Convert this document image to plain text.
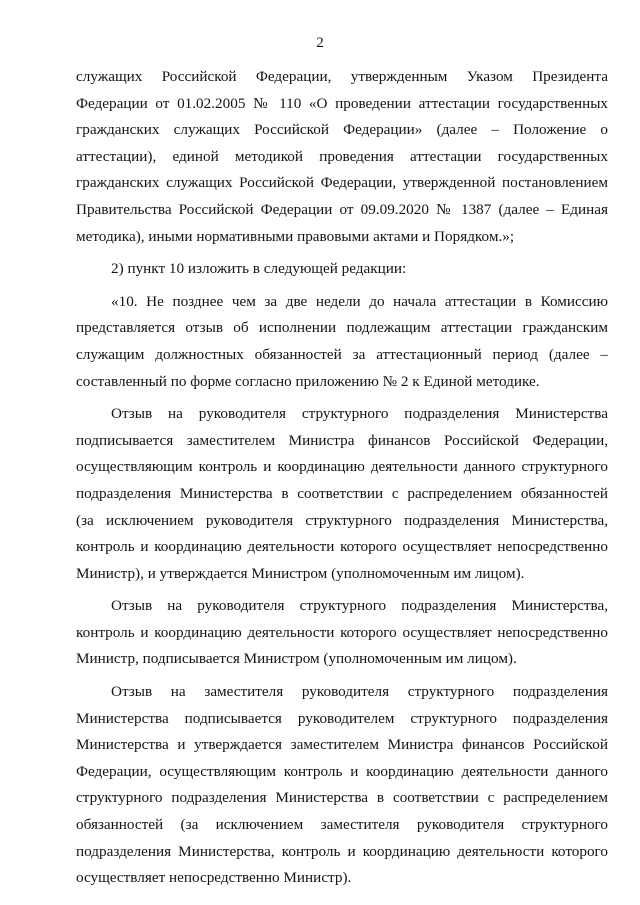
2
служащих Российской Федерации, утвержденным Указом Президента
Федерации от 01.02.2005 № 110 «О проведении аттестации государственных
гражданских служащих Российской Федерации» (далее – Положение о
аттестации), единой методикой проведения аттестации государственных
гражданских служащих Российской Федерации, утвержденной постановлением
Правительства Российской Федерации от 09.09.2020 № 1387 (далее – Единая
методика), иными нормативными правовыми актами и Порядком.»;
2) пункт 10 изложить в следующей редакции:
«10. Не позднее чем за две недели до начала аттестации в Комиссию
представляется отзыв об исполнении подлежащим аттестации гражданским
служащим должностных обязанностей за аттестационный период (далее –
составленный по форме согласно приложению № 2 к Единой методике.
Отзыв на руководителя структурного подразделения Министерства
подписывается заместителем Министра финансов Российской Федерации,
осуществляющим контроль и координацию деятельности данного структурного
подразделения Министерства в соответствии с распределением обязанностей
(за исключением руководителя структурного подразделения Министерства,
контроль и координацию деятельности которого осуществляет непосредственно
Министр), и утверждается Министром (уполномоченным им лицом).
Отзыв на руководителя структурного подразделения Министерства,
контроль и координацию деятельности которого осуществляет непосредственно
Министр, подписывается Министром (уполномоченным им лицом).
Отзыв на заместителя руководителя структурного подразделения
Министерства подписывается руководителем структурного подразделения
Министерства и утверждается заместителем Министра финансов Российской
Федерации, осуществляющим контроль и координацию деятельности данного
структурного подразделения Министерства в соответствии с распределением
обязанностей (за исключением заместителя руководителя структурного
подразделения Министерства, контроль и координацию деятельности которого
осуществляет непосредственно Министр).
